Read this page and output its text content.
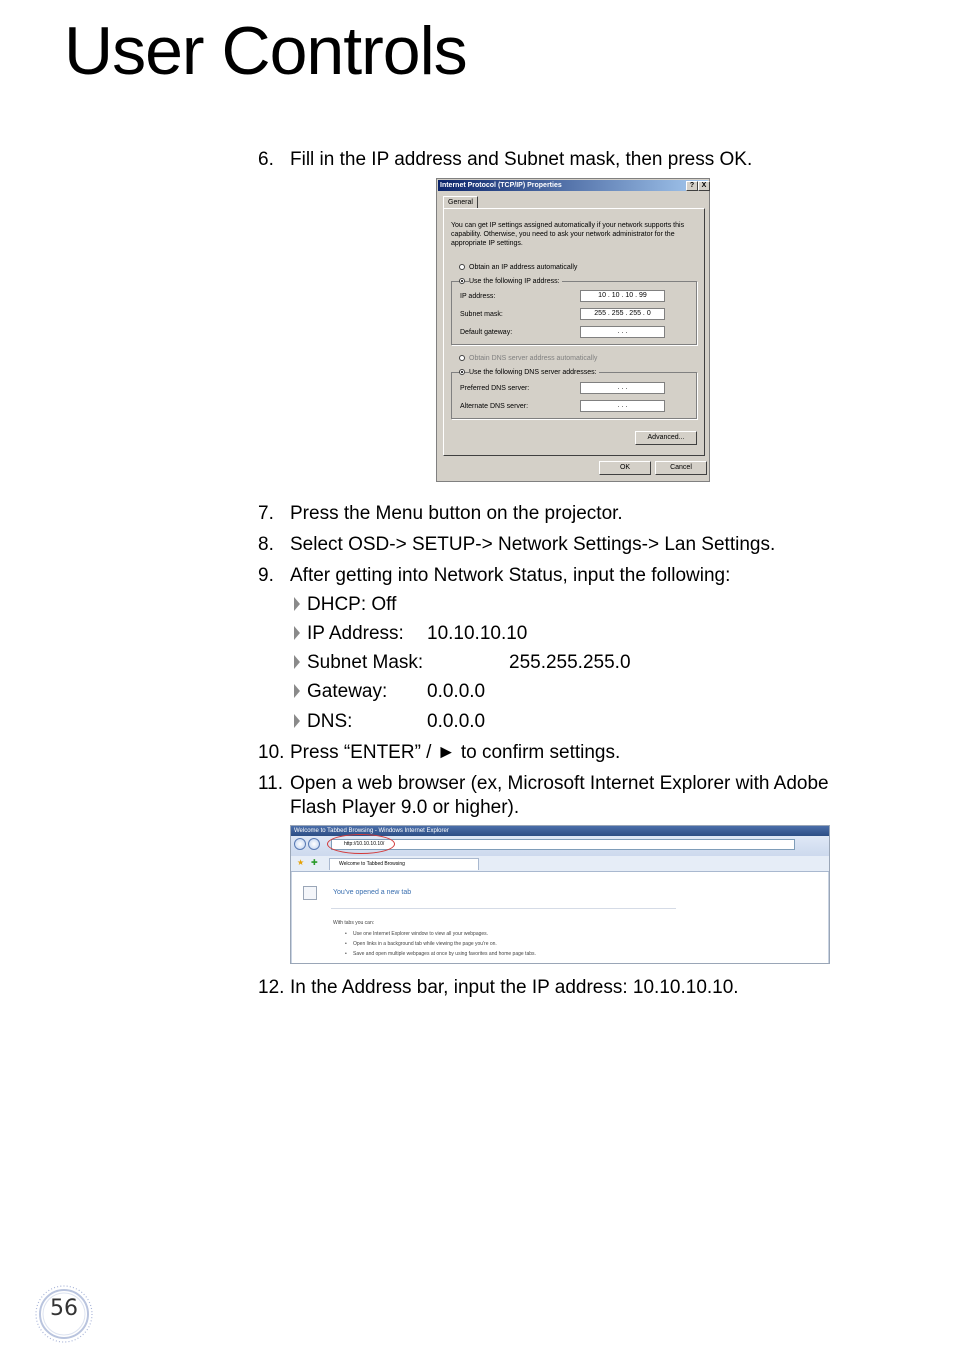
User Controls
6. Fill in the IP address and Subnet mask, then press OK.
Internet Protocol (TCP/IP) Properties	?	X
General
You can get IP settings assigned automatically if your network supports this capability. Otherwise, you need to ask your network administrator for the appropriate IP settings.
Obtain an IP address automatically
Use the following IP address:
IP address:	10 . 10 . 10 . 99
Subnet mask:	255 . 255 . 255 . 0
Default gateway:	. . .
Obtain DNS server address automatically
Use the following DNS server addresses:
Preferred DNS server:	. . .
Alternate DNS server:	. . .
Advanced...
OK	Cancel
7. Press the Menu button on the projector.
8. Select OSD-> SETUP-> Network Settings-> Lan Settings.
9. After getting into Network Status, input the following:
DHCP: Off
IP Address: 10.10.10.10
Subnet Mask:	255.255.255.0
Gateway: 0.0.0.0
DNS:	0.0.0.0
10. Press “ENTER” / ► to confirm settings.
11. Open a web browser (ex, Microsoft Internet Explorer with Adobe
Flash Player 9.0 or higher).
Welcome to Tabbed Browsing - Windows Internet Explorer
http://10.10.10.10/
★ ✚	Welcome to Tabbed Browsing
You've opened a new tab
With tabs you can:
• Use one Internet Explorer window to view all your webpages.
• Open links in a background tab while viewing the page you're on.
• Save and open multiple webpages at once by using favorites and home page tabs.
12. In the Address bar, input the IP address: 10.10.10.10.
56
